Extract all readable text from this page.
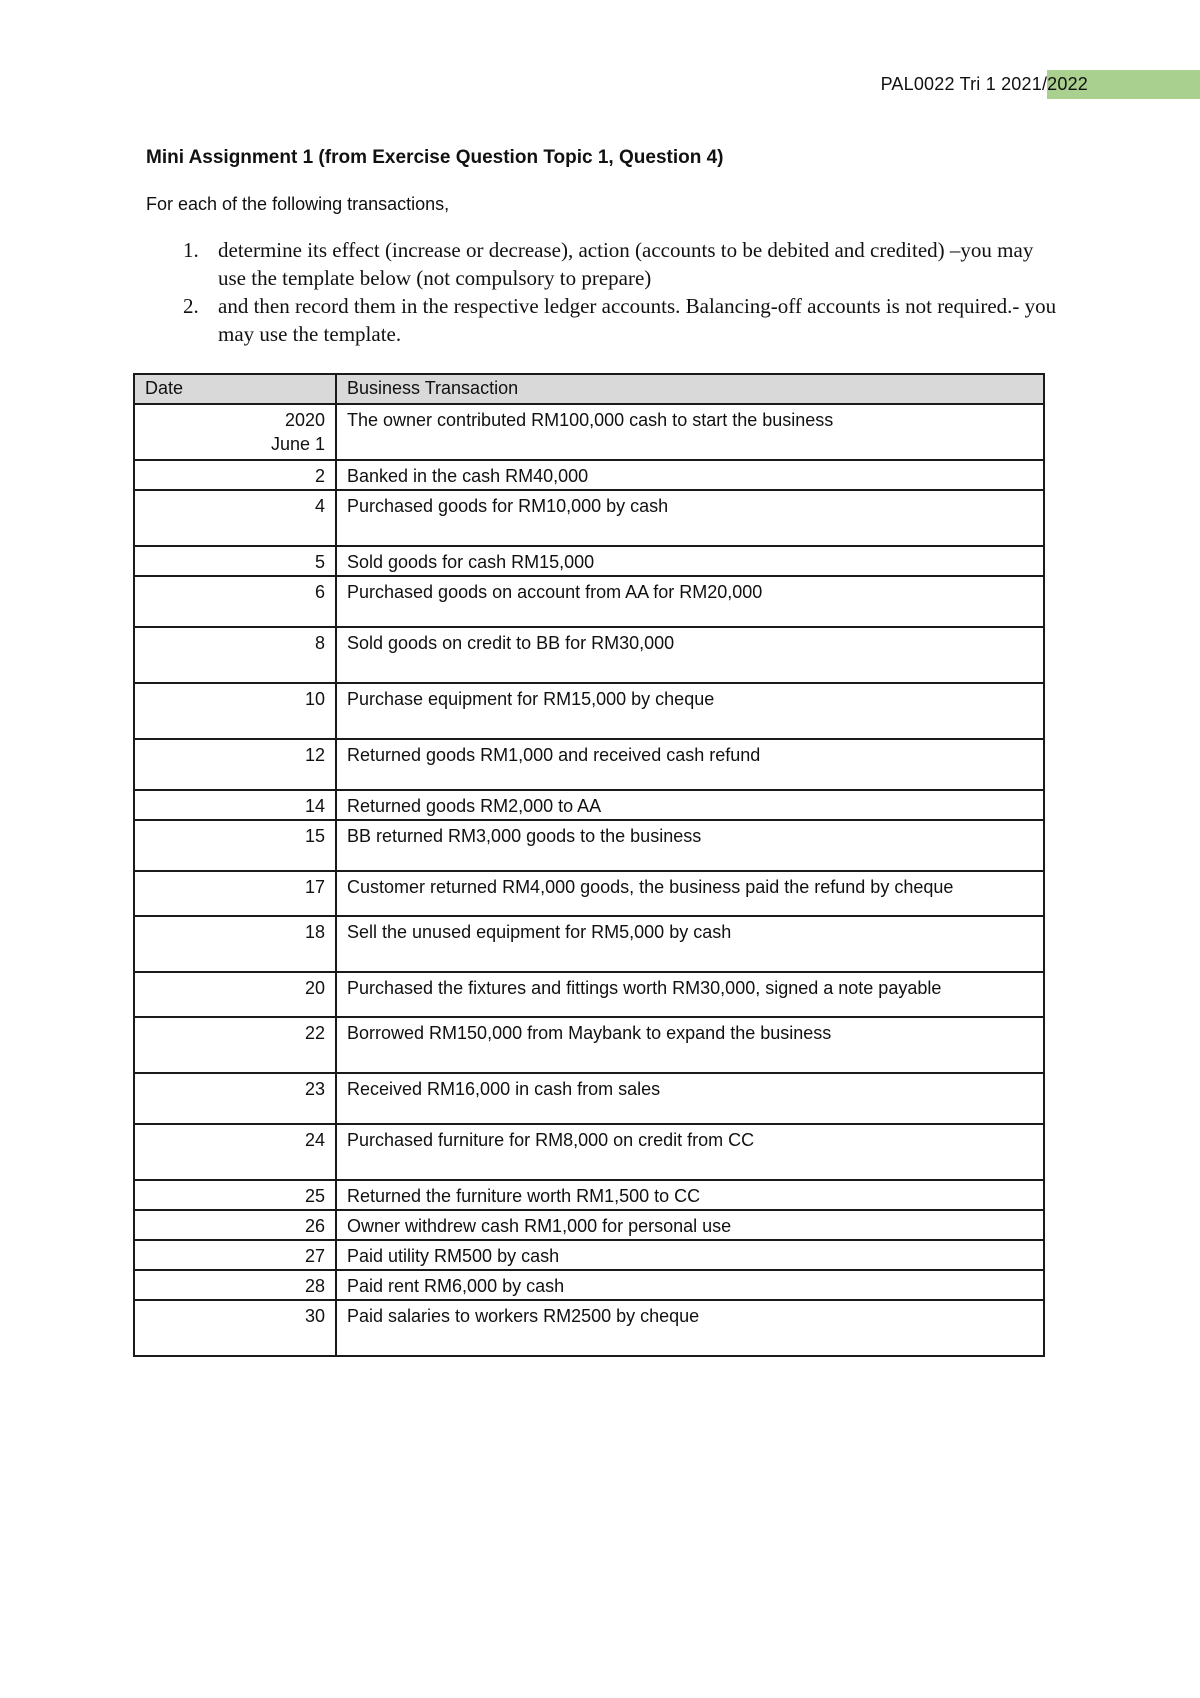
PAL0022 Tri 1 2021/2022
Mini Assignment 1 (from Exercise Question Topic 1, Question 4)
For each of the following transactions,
1. determine its effect (increase or decrease), action (accounts to be debited and credited) –you may use the template below (not compulsory to prepare)
2. and then record them in the respective ledger accounts. Balancing-off accounts is not required.- you may use the template.
Date	Business Transaction

2020
June 1	The owner contributed RM100,000 cash to start the business
2	Banked in the cash RM40,000
4	Purchased goods for RM10,000 by cash
5	Sold goods for cash RM15,000
6	Purchased goods on account from AA for RM20,000
8	Sold goods on credit to BB for RM30,000
10	Purchase equipment for RM15,000 by cheque
12	Returned goods RM1,000 and received cash refund
14	Returned goods RM2,000 to AA
15	BB returned RM3,000 goods to the business
17	Customer returned RM4,000 goods, the business paid the refund by cheque
18	Sell the unused equipment for RM5,000 by cash
20	Purchased the fixtures and fittings worth RM30,000, signed a note payable
22	Borrowed RM150,000 from Maybank to expand the business
23	Received RM16,000 in cash from sales
24	Purchased furniture for RM8,000 on credit from CC
25	Returned the furniture worth RM1,500 to CC
26	Owner withdrew cash RM1,000 for personal use
27	Paid utility RM500 by cash
28	Paid rent RM6,000 by cash
30	Paid salaries to workers RM2500 by cheque
